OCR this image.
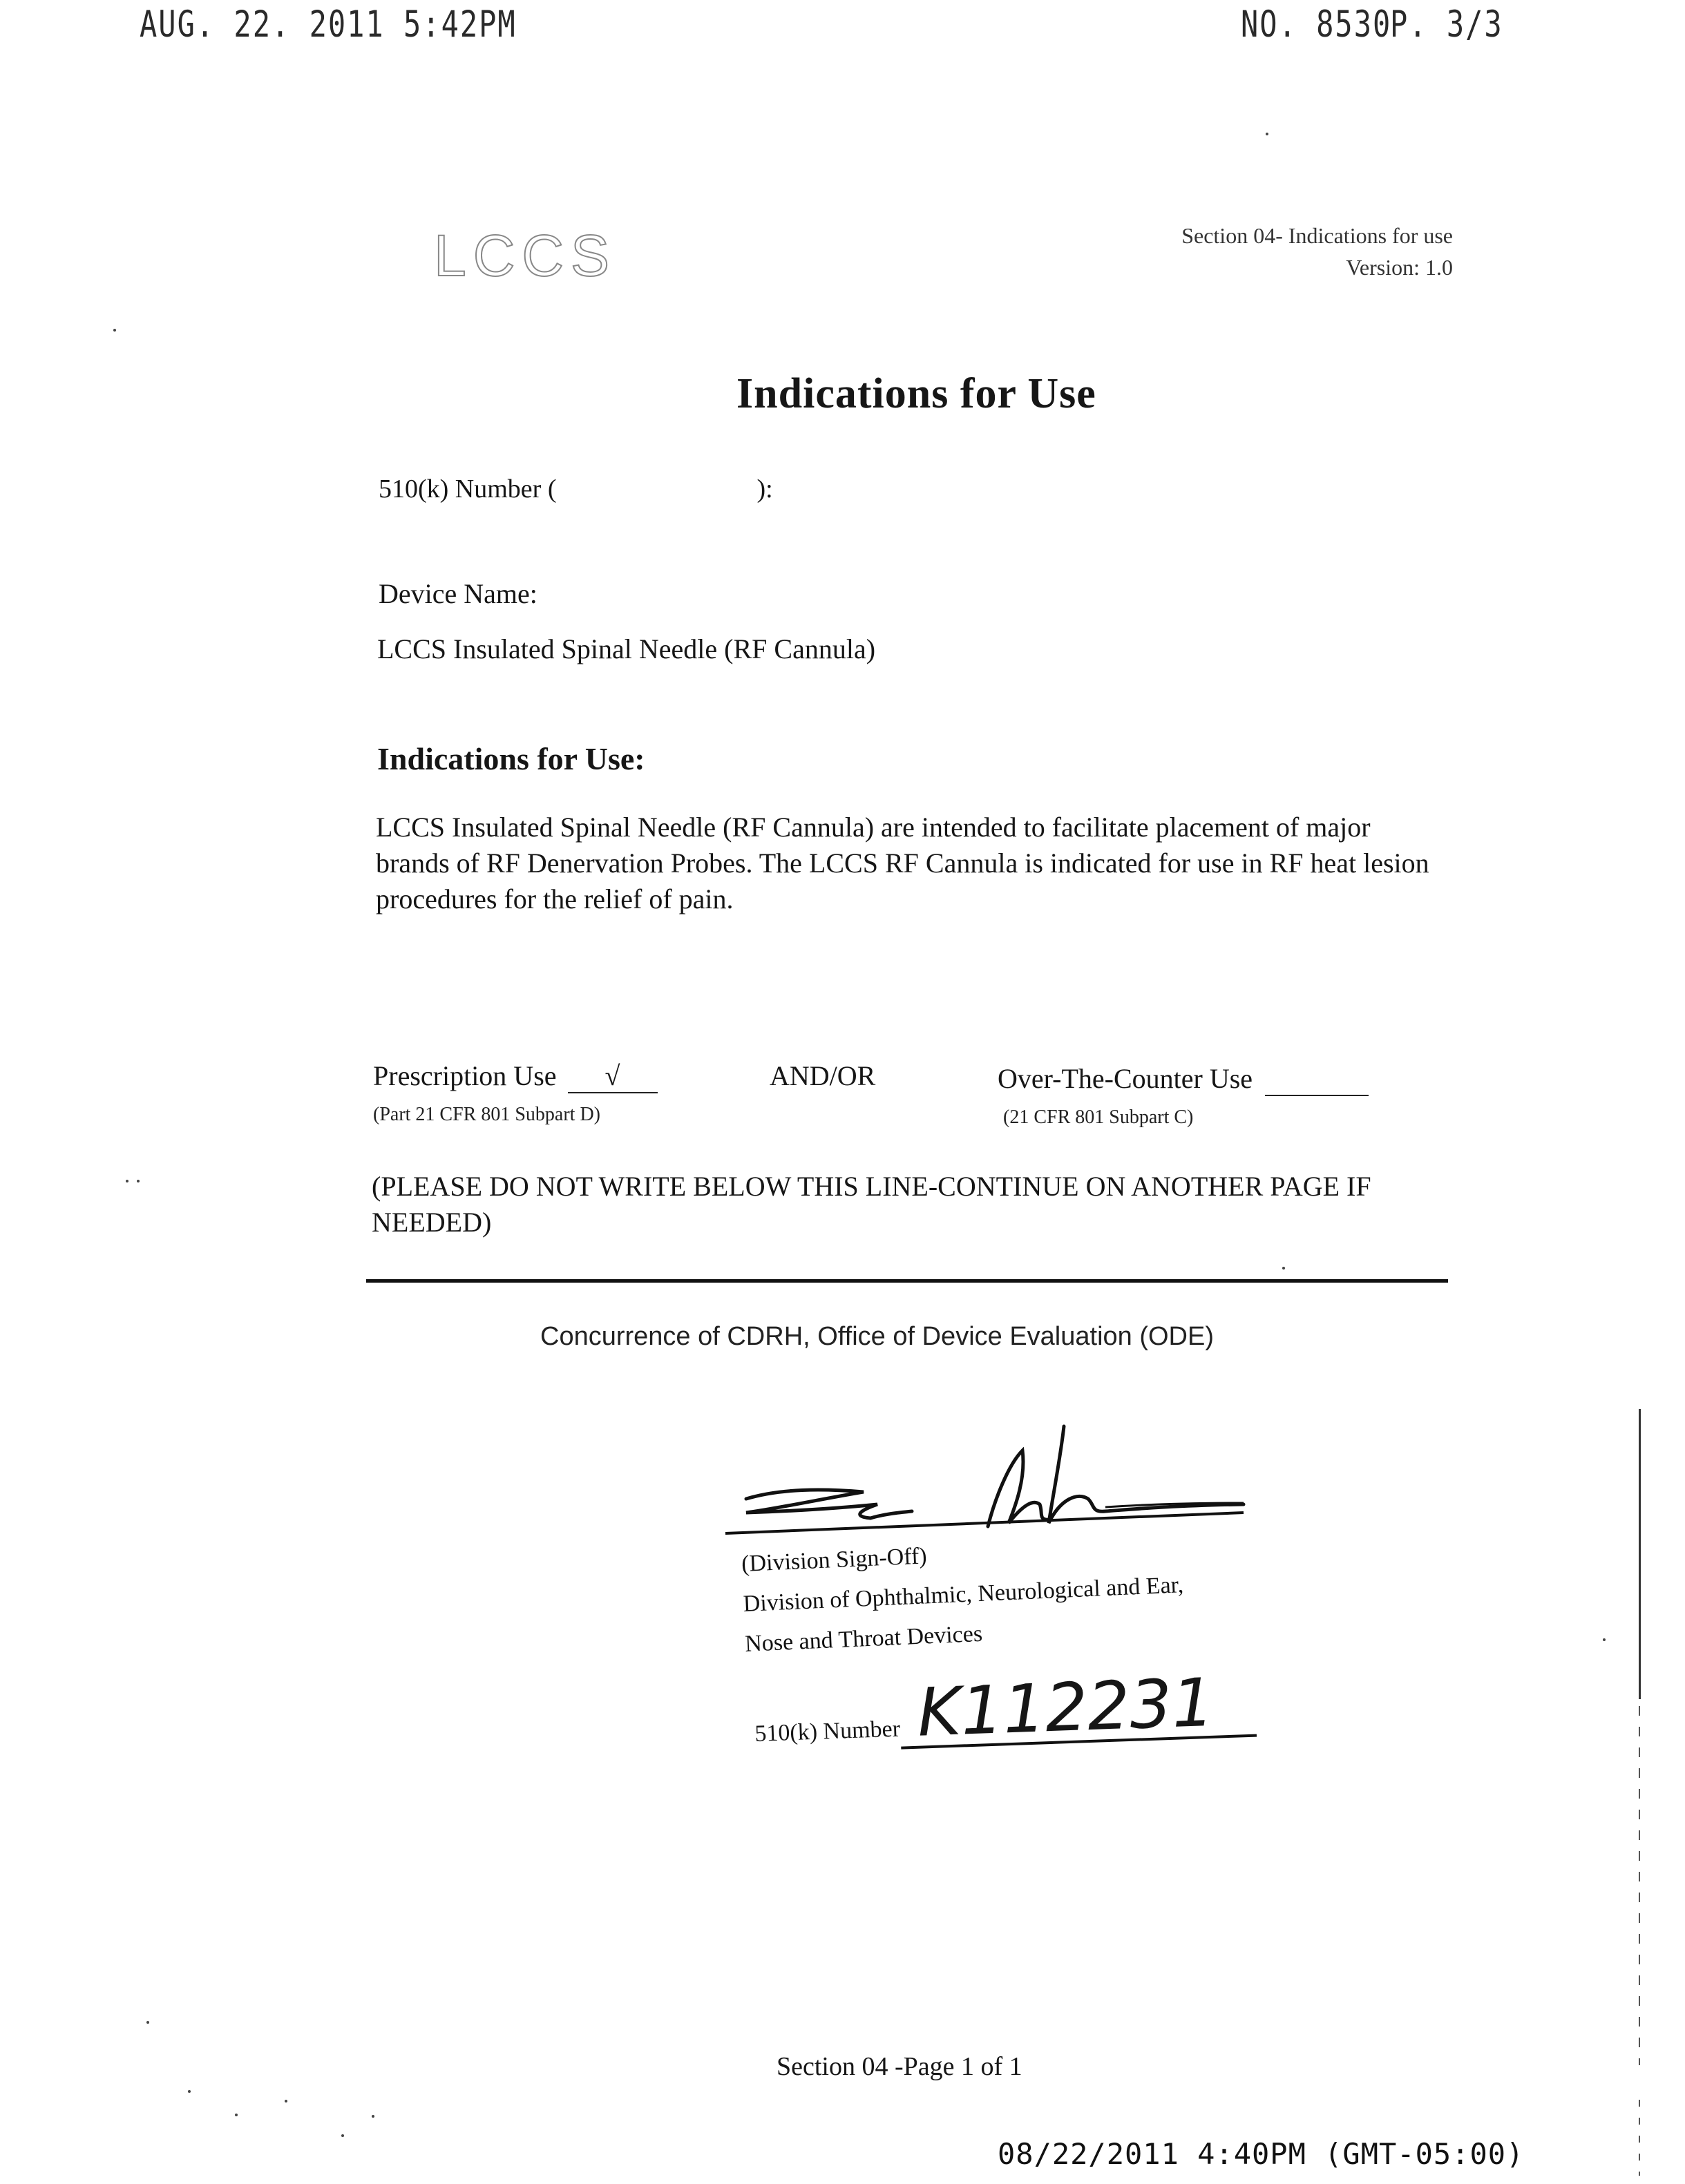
AUG. 22. 2011 5:42PM	NO. 8530
P. 3/3
LCCS	Section 04- Indications for use
Version: 1.0
Indications for Use
510(k) Number (	):
Device Name:
LCCS Insulated Spinal Needle (RF Cannula)
Indications for Use:
LCCS Insulated Spinal Needle (RF Cannula) are intended to facilitate placement of major brands of RF Denervation Probes. The LCCS RF Cannula is indicated for use in RF heat lesion procedures for the relief of pain.
Prescription Use √
(Part 21 CFR 801 Subpart D)
AND/OR	Over-The-Counter Use
(21 CFR 801 Subpart C)
(PLEASE DO NOT WRITE BELOW THIS LINE-CONTINUE ON ANOTHER PAGE IF NEEDED)
Concurrence of CDRH, Office of Device Evaluation (ODE)
(Division Sign-Off)
Division of Ophthalmic, Neurological and Ear,
Nose and Throat Devices
510(k) Number K112231
Section 04 -Page 1 of 1
08/22/2011 4:40PM (GMT-05:00)
